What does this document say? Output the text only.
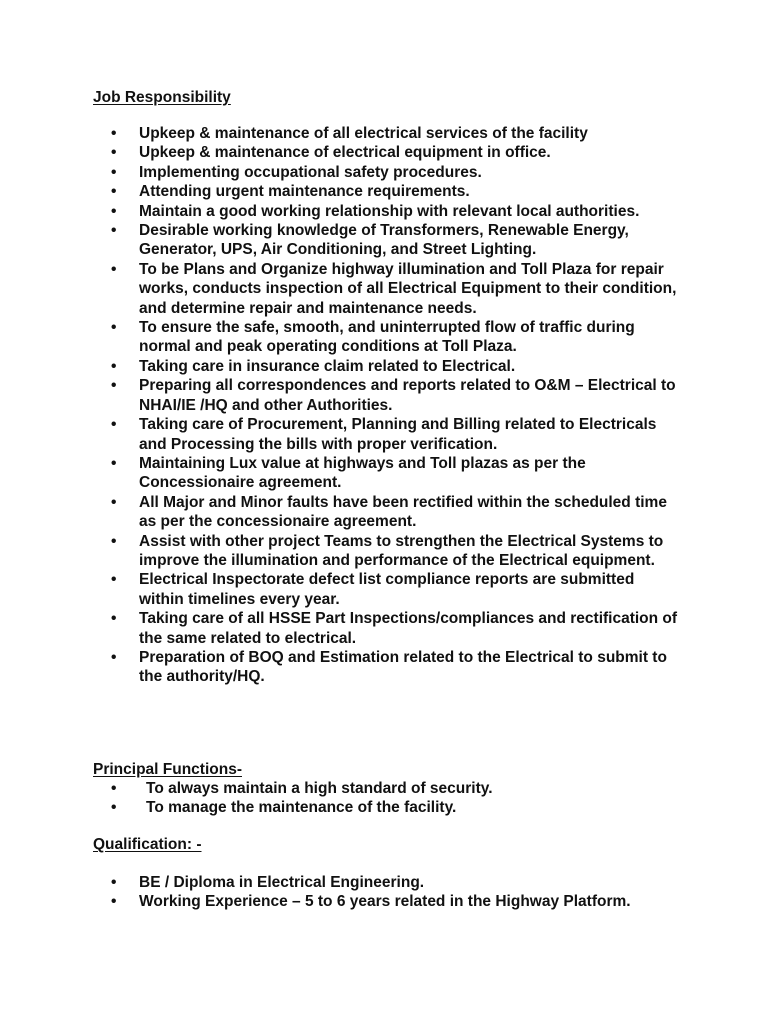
Job Responsibility
• Upkeep & maintenance of all electrical services of the facility
• Upkeep & maintenance of electrical equipment in office.
• Implementing occupational safety procedures.
• Attending urgent maintenance requirements.
• Maintain a good working relationship with relevant local authorities.
• Desirable working knowledge of Transformers, Renewable Energy, Generator, UPS, Air Conditioning, and Street Lighting.
• To be Plans and Organize highway illumination and Toll Plaza for repair works, conducts inspection of all Electrical Equipment to their condition, and determine repair and maintenance needs.
• To ensure the safe, smooth, and uninterrupted flow of traffic during normal and peak operating conditions at Toll Plaza.
• Taking care in insurance claim related to Electrical.
• Preparing all correspondences and reports related to O&M – Electrical to NHAI/IE /HQ and other Authorities.
• Taking care of Procurement, Planning and Billing related to Electricals and Processing the bills with proper verification.
• Maintaining Lux value at highways and Toll plazas as per the Concessionaire agreement.
• All Major and Minor faults have been rectified within the scheduled time as per the concessionaire agreement.
• Assist with other project Teams to strengthen the Electrical Systems to improve the illumination and performance of the Electrical equipment.
• Electrical Inspectorate defect list compliance reports are submitted within timelines every year.
• Taking care of all HSSE Part Inspections/compliances and rectification of the same related to electrical.
• Preparation of BOQ and Estimation related to the Electrical to submit to the authority/HQ.
Principal Functions-
• To always maintain a high standard of security.
• To manage the maintenance of the facility.
Qualification: -
• BE / Diploma in Electrical Engineering.
• Working Experience – 5 to 6 years related in the Highway Platform.
